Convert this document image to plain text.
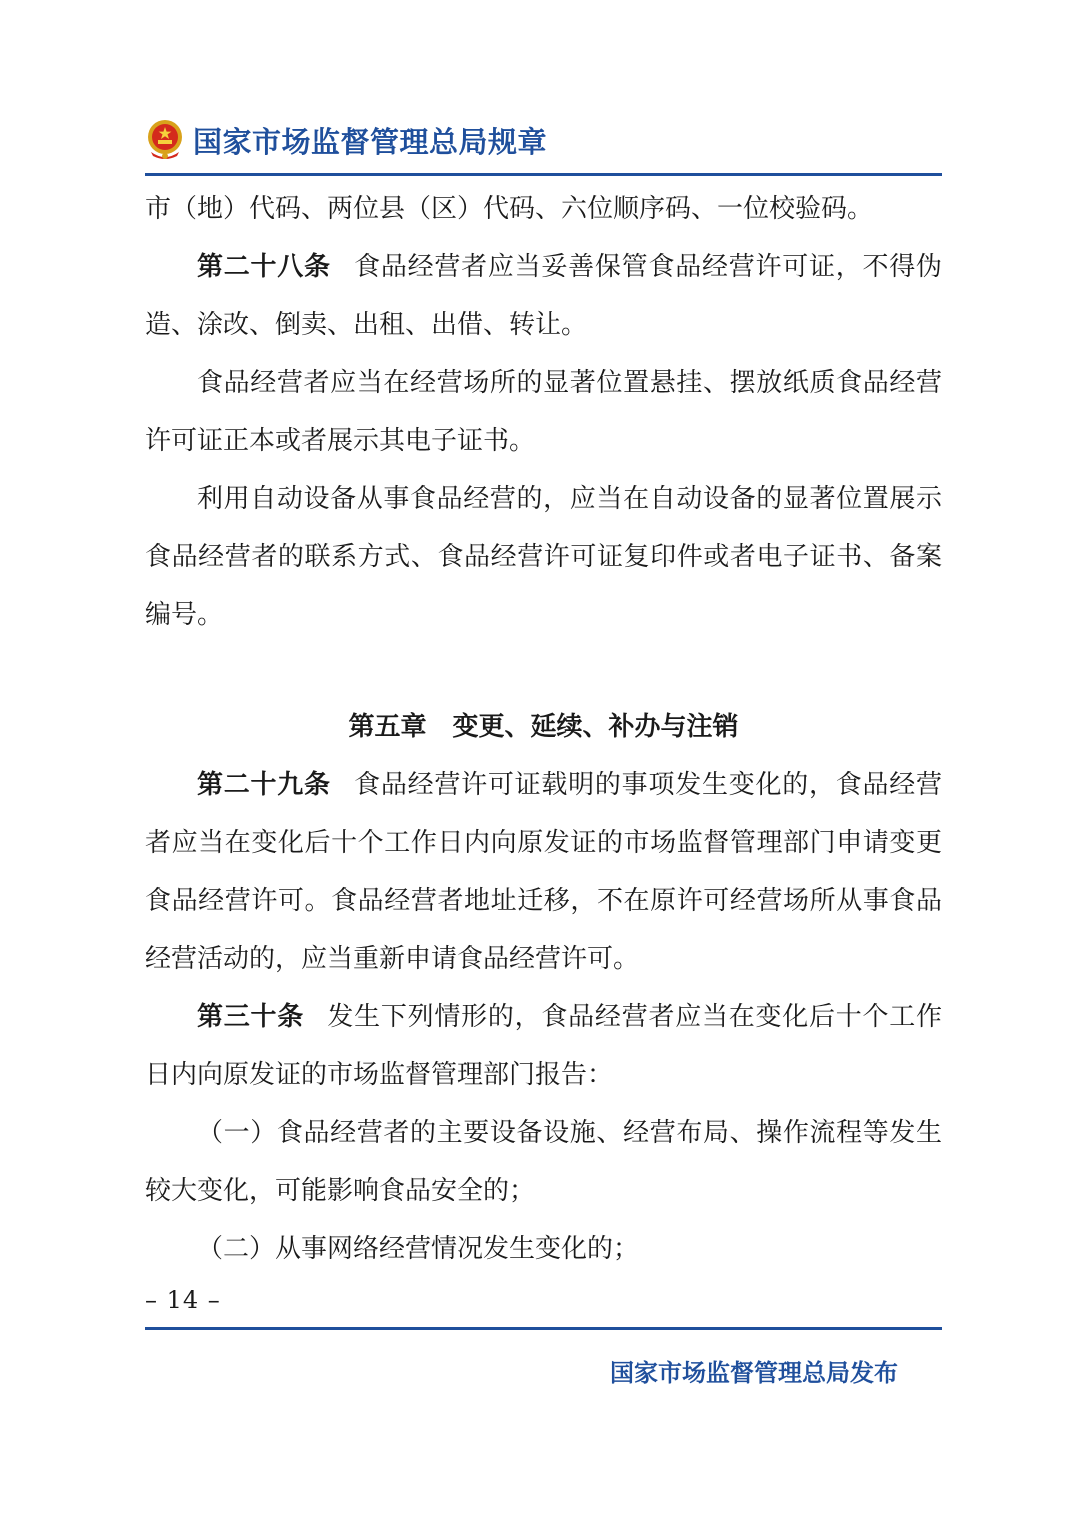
国家市场监督管理总局规章

市（地）代码、两位县（区）代码、六位顺序码、一位校验码。

第二十八条 食品经营者应当妥善保管食品经营许可证，不得伪造、涂改、倒卖、出租、出借、转让。

食品经营者应当在经营场所的显著位置悬挂、摆放纸质食品经营许可证正本或者展示其电子证书。

利用自动设备从事食品经营的，应当在自动设备的显著位置展示食品经营者的联系方式、食品经营许可证复印件或者电子证书、备案编号。

第五章 变更、延续、补办与注销

第二十九条 食品经营许可证载明的事项发生变化的，食品经营者应当在变化后十个工作日内向原发证的市场监督管理部门申请变更食品经营许可。食品经营者地址迁移，不在原许可经营场所从事食品经营活动的，应当重新申请食品经营许可。

第三十条 发生下列情形的，食品经营者应当在变化后十个工作日内向原发证的市场监督管理部门报告：

（一）食品经营者的主要设备设施、经营布局、操作流程等发生较大变化，可能影响食品安全的；

（二）从事网络经营情况发生变化的；

– 14 –
国家市场监督管理总局发布
